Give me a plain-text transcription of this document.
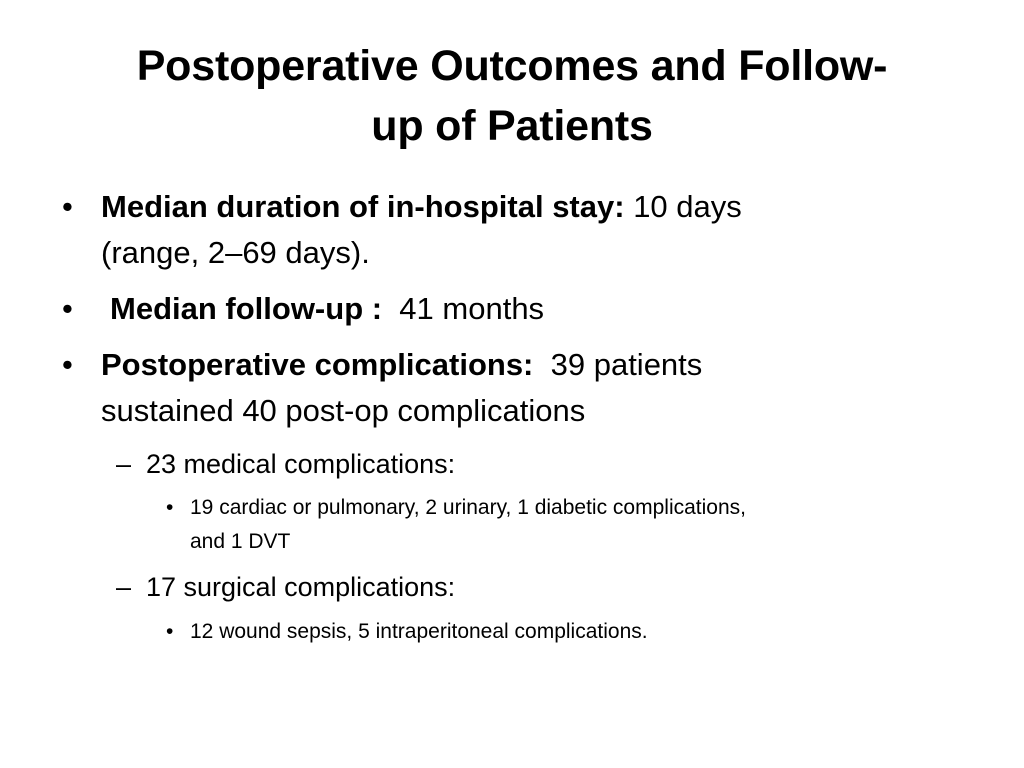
Postoperative Outcomes and Follow-
up of Patients
• Median duration of in-hospital stay: 10 days
(range, 2–69 days).
• Median follow-up :  41 months
• Postoperative complications:  39 patients
sustained 40 post-op complications
– 23 medical complications:
• 19 cardiac or pulmonary, 2 urinary, 1 diabetic complications,
and 1 DVT
– 17 surgical complications:
• 12 wound sepsis, 5 intraperitoneal complications.
